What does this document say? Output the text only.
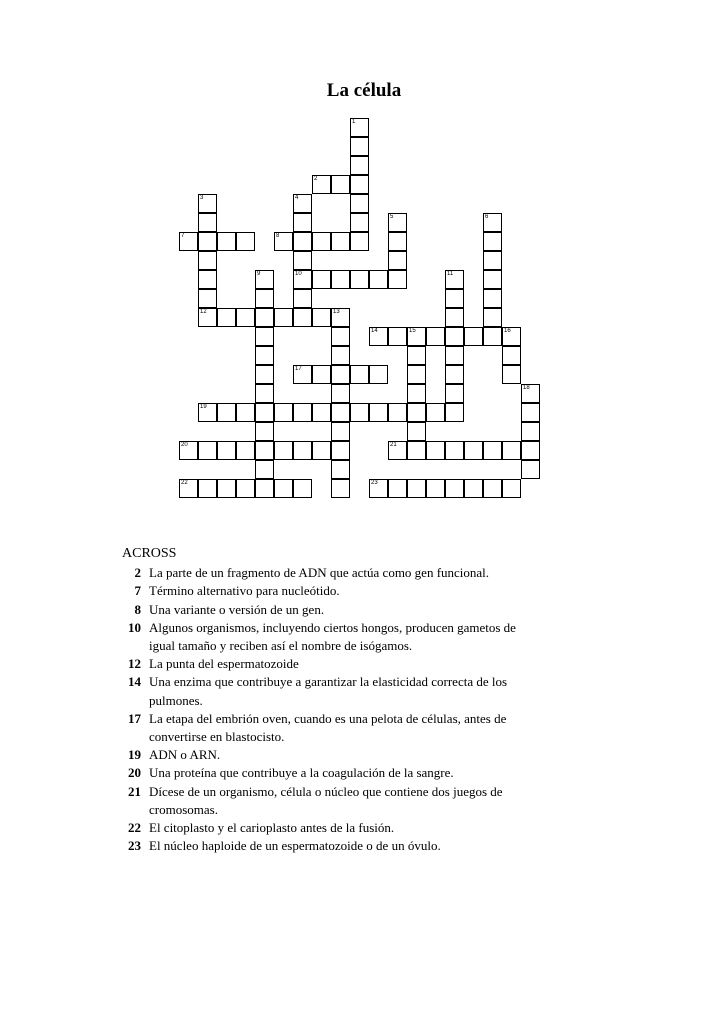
La célula
1
2
3
12
4
10
5	6
7	8
9	11
13
14	15	16
17
18
19
20	21
22	23
ACROSS
2 La parte de un fragmento de ADN que actúa como gen funcional.
7 Término alternativo para nucleótido.
8 Una variante o versión de un gen.
10 Algunos organismos, incluyendo ciertos hongos, producen gametos de igual tamaño y reciben así el nombre de isógamos.
12 La punta del espermatozoide
14 Una enzima que contribuye a garantizar la elasticidad correcta de los pulmones.
17 La etapa del embrión oven, cuando es una pelota de células, antes de convertirse en blastocisto.
19 ADN o ARN.
20 Una proteína que contribuye a la coagulación de la sangre.
21 Dícese de un organismo, célula o núcleo que contiene dos juegos de cromosomas.
22 El citoplasto y el carioplasto antes de la fusión.
23 El núcleo haploide de un espermatozoide o de un óvulo.
